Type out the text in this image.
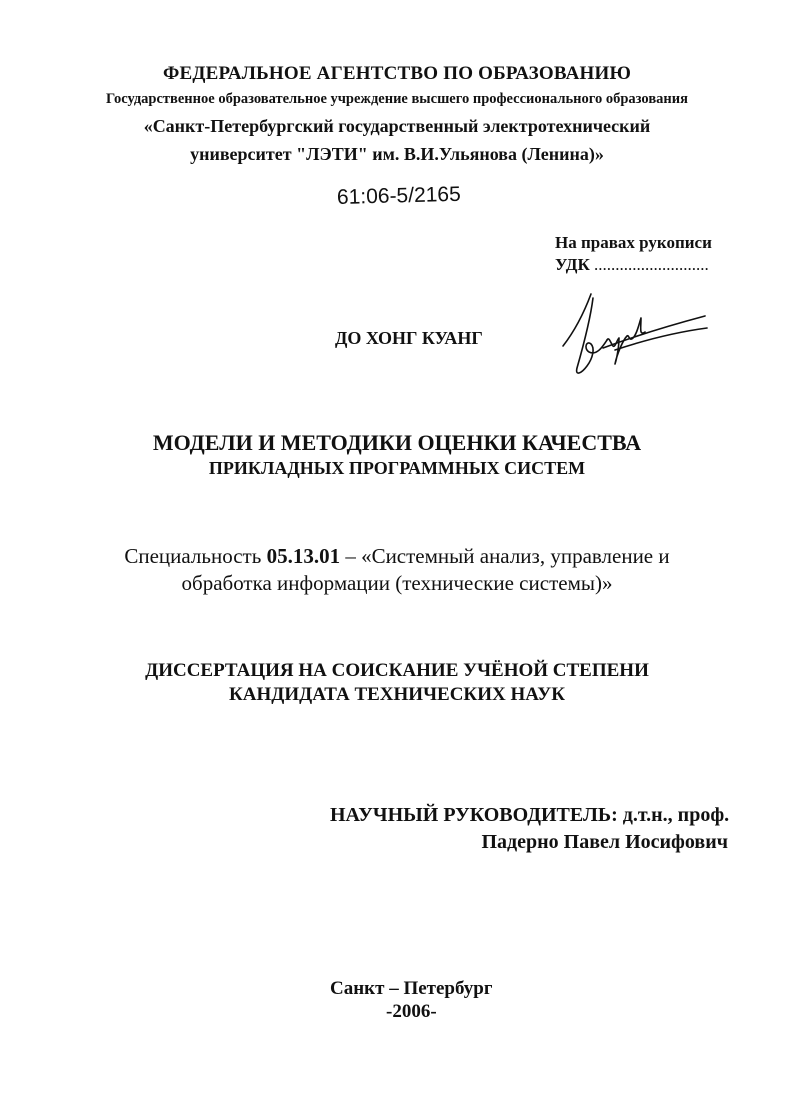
ФЕДЕРАЛЬНОЕ АГЕНТСТВО ПО ОБРАЗОВАНИЮ
Государственное образовательное учреждение высшего профессионального образования
«Санкт-Петербургский государственный электротехнический
университет "ЛЭТИ" им. В.И.Ульянова (Ленина)»
61:06-5/2165
На правах рукописи
УДК ...........................
ДО ХОНГ КУАНГ
МОДЕЛИ И МЕТОДИКИ ОЦЕНКИ КАЧЕСТВА
ПРИКЛАДНЫХ ПРОГРАММНЫХ СИСТЕМ
Специальность 05.13.01 – «Системный анализ, управление и
обработка информации (технические системы)»
ДИССЕРТАЦИЯ НА СОИСКАНИЕ УЧЁНОЙ СТЕПЕНИ
КАНДИДАТА ТЕХНИЧЕСКИХ НАУК
НАУЧНЫЙ РУКОВОДИТЕЛЬ: д.т.н., проф.
Падерно Павел Иосифович
Санкт – Петербург
-2006-
